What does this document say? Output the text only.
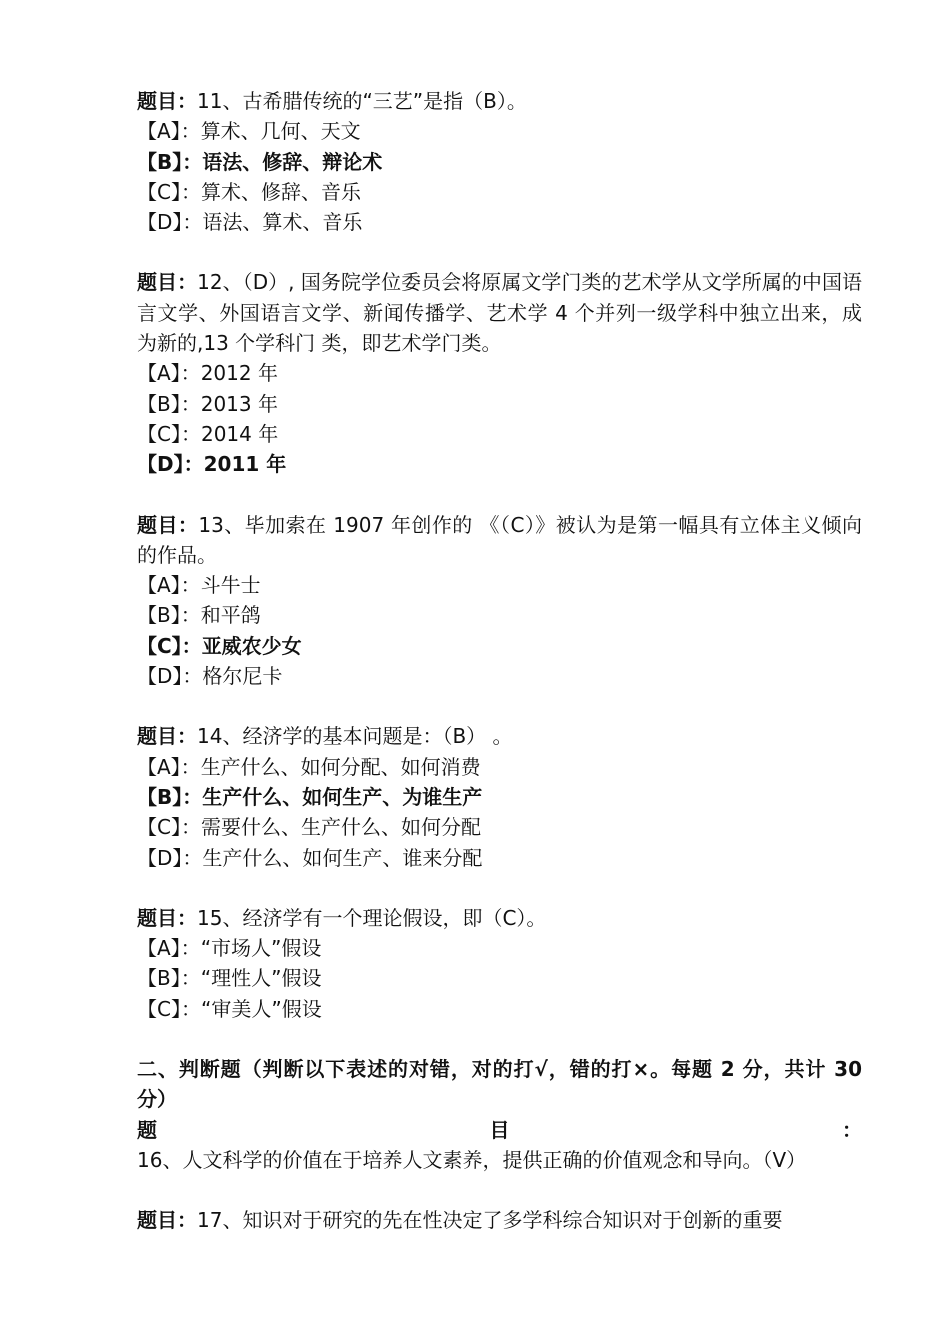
题目：11、古希腊传统的“三艺”是指（B）。
【A】：算术、几何、天文
【B】：语法、修辞、辩论术
【C】：算术、修辞、音乐
【D】：语法、算术、音乐
题目：12、（D）, 国务院学位委员会将原属文学门类的艺术学从文学所属的中国语言文学、外国语言文学、新闻传播学、艺术学 4 个并列一级学科中独立出来，成为新的,13 个学科门 类，即艺术学门类。
【A】：2012 年
【B】：2013 年
【C】：2014 年
【D】：2011 年
题目：13、毕加索在 1907 年创作的 《（C）》被认为是第一幅具有立体主义倾向的作品。
【A】：斗牛士
【B】：和平鸽
【C】：亚威农少女
【D】：格尔尼卡
题目：14、经济学的基本问题是：（B） 。
【A】：生产什么、如何分配、如何消费
【B】：生产什么、如何生产、为谁生产
【C】：需要什么、生产什么、如何分配
【D】：生产什么、如何生产、谁来分配
题目：15、经济学有一个理论假设，即（C）。
【A】：“市场人”假设
【B】：“理性人”假设
【C】：“审美人”假设
二、判断题（判断以下表述的对错，对的打√，错的打×。每题 2 分，共计 30 分）
题目：16、人文科学的价值在于培养人文素养，提供正确的价值观念和导向。（V）
题目：17、知识对于研究的先在性决定了多学科综合知识对于创新的重要
